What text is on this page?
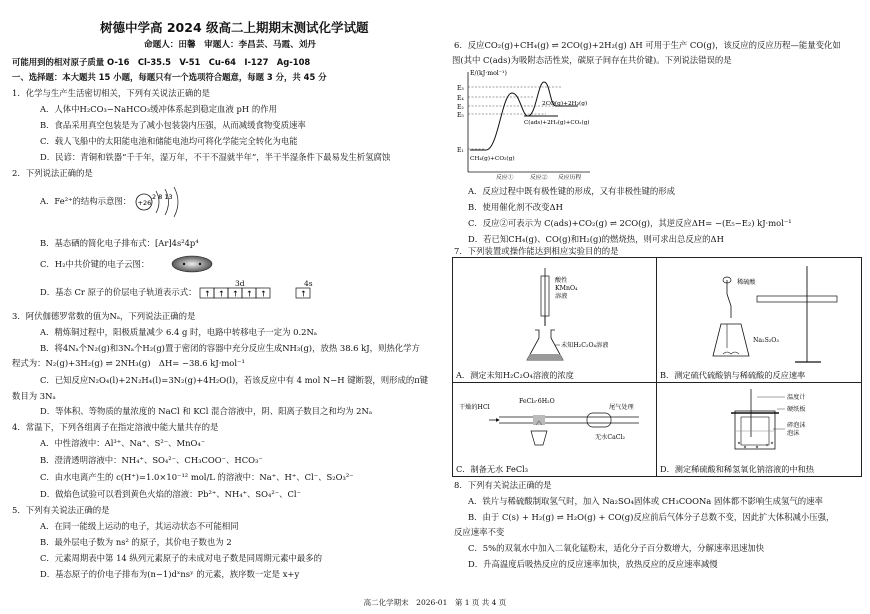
树德中学高 2024 级高二上期期末测试化学试题
命题人：田馨　审题人：李昌芸、马霞、刘丹
可能用到的相对原子质量 O-16　Cl-35.5　V-51　Cu-64　I-127　Ag-108
一、选择题：本大题共 15 小题，每题只有一个选项符合题意，每题 3 分，共 45 分
1．化学与生产生活密切相关，下列有关说法正确的是
A．人体中H₂CO₃−NaHCO₃缓冲体系起到稳定血液 pH 的作用
B．食品采用真空包装是为了减小包装袋内压强，从而减缓食物变质速率
C．载人飞船中的太阳能电池和储能电池均可将化学能完全转化为电能
D．民谚：青铜和铁器“千千年，湿万年，不干不湿就半年”，半干半湿条件下最易发生析氢腐蚀
2．下列说法正确的是
A．Fe²⁺的结构示意图： +26
2 8 13
B．基态硒的简化电子排布式：[Ar]4s²4p⁴
C．H₂中共价键的电子云图：
D．基态 Cr 原子的价层电子轨道表示式：
3d	4s
↑ ↑ ↑ ↑ ↑	↑
3．阿伏伽德罗常数的值为Nₐ，下列说法正确的是
A．精炼铜过程中，阳极质量减少 6.4 g 时，电路中转移电子一定为 0.2Nₐ
B．将4Nₐ个N₂(g)和3Nₐ个H₂(g)置于密闭的容器中充分反应生成NH₃(g)，放热 38.6 kJ，则热化学方
程式为：N₂(g)+3H₂(g) ⇌ 2NH₃(g)　ΔH= −38.6 kJ·mol⁻¹
C．已知反应N₂O₄(l)+2N₂H₄(l)=3N₂(g)+4H₂O(l)，若该反应中有 4 mol N−H 键断裂，则形成的π键
数目为 3Nₐ
D．等体积、等物质的量浓度的 NaCl 和 KCl 混合溶液中，阴、阳离子数目之和均为 2Nₐ
4．常温下，下列各组离子在指定溶液中能大量共存的是
A．中性溶液中：Al³⁺、Na⁺、S²⁻、MnO₄⁻
B．澄清透明溶液中：NH₄⁺、SO₄²⁻、CH₃COO⁻、HCO₃⁻
C．由水电离产生的 c(H⁺)=1.0×10⁻¹² mol/L 的溶液中：Na⁺、H⁺、Cl⁻、S₂O₃²⁻
D．做焰色试验可以看到黄色火焰的溶液：Pb²⁺、NH₄⁺、SO₄²⁻、Cl⁻
5．下列有关说法正确的是
A．在同一能级上运动的电子，其运动状态不可能相同
B．最外层电子数为 ns² 的原子，其价电子数也为 2
C．元素周期表中第 14 纵列元素原子的未成对电子数是同周期元素中最多的
D．基态原子的价电子排布为(n−1)dˣnsʸ 的元素，族序数一定是 x+y
6．反应CO₂(g)+CH₄(g) ⇌ 2CO(g)+2H₂(g) ΔH 可用于生产 CO(g)，该反应的反应历程—能量变化如
图(其中 C(ads)为吸附态活性炭，碳原子间存在共价键)。下列说法错误的是
E/(kJ·mol⁻¹)
E₃
E₄
E₂
E₅
E₁
2CO(g)+2H₂(g)
C(ads)+2H₂(g)+CO₂(g)
CH₄(g)+CO₂(g)
反应①	反应② 反应历程
A．反应过程中既有极性键的形成，又有非极性键的形成
B．使用催化剂不改变ΔH
C．反应②可表示为 C(ads)+CO₂(g) ⇌ 2CO(g)，其逆反应ΔH= −(E₅−E₂) kJ·mol⁻¹
D．若已知CH₄(g)、CO(g)和H₂(g)的燃烧热，则可求出总反应的ΔH
7．下列装置或操作能达到相应实验目的的是
酸性
KMnO₄
溶液
未知H₂C₂O₄溶液
A．测定未知H₂C₂O₄溶液的浓度	稀硫酸
Na₂S₂O₃
B．测定硫代硫酸钠与稀硫酸的反应速率

干燥的HCl
FeCl₃·6H₂O
尾气处理
无水CaCl₂
C．制备无水 FeCl₃	温度计
硬纸板
碎泡沫
泡沫
D．测定稀硫酸和稀氢氧化钠溶液的中和热
8．下列有关说法正确的是
A．铁片与稀硫酸制取氢气时，加入 Na₂SO₄固体或 CH₃COONa 固体都不影响生成氢气的速率
B．由于 C(s) + H₂(g) ⇌ H₂O(g) + CO(g)反应前后气体分子总数不变，因此扩大体积减小压强，
反应速率不变
C．5%的双氧水中加入二氧化锰粉末，适化分子百分数增大，分解速率迅速加快
D．升高温度后吸热反应的反应速率加快，放热反应的反应速率减慢
高二化学期末　2026-01　第 1 页 共 4 页
